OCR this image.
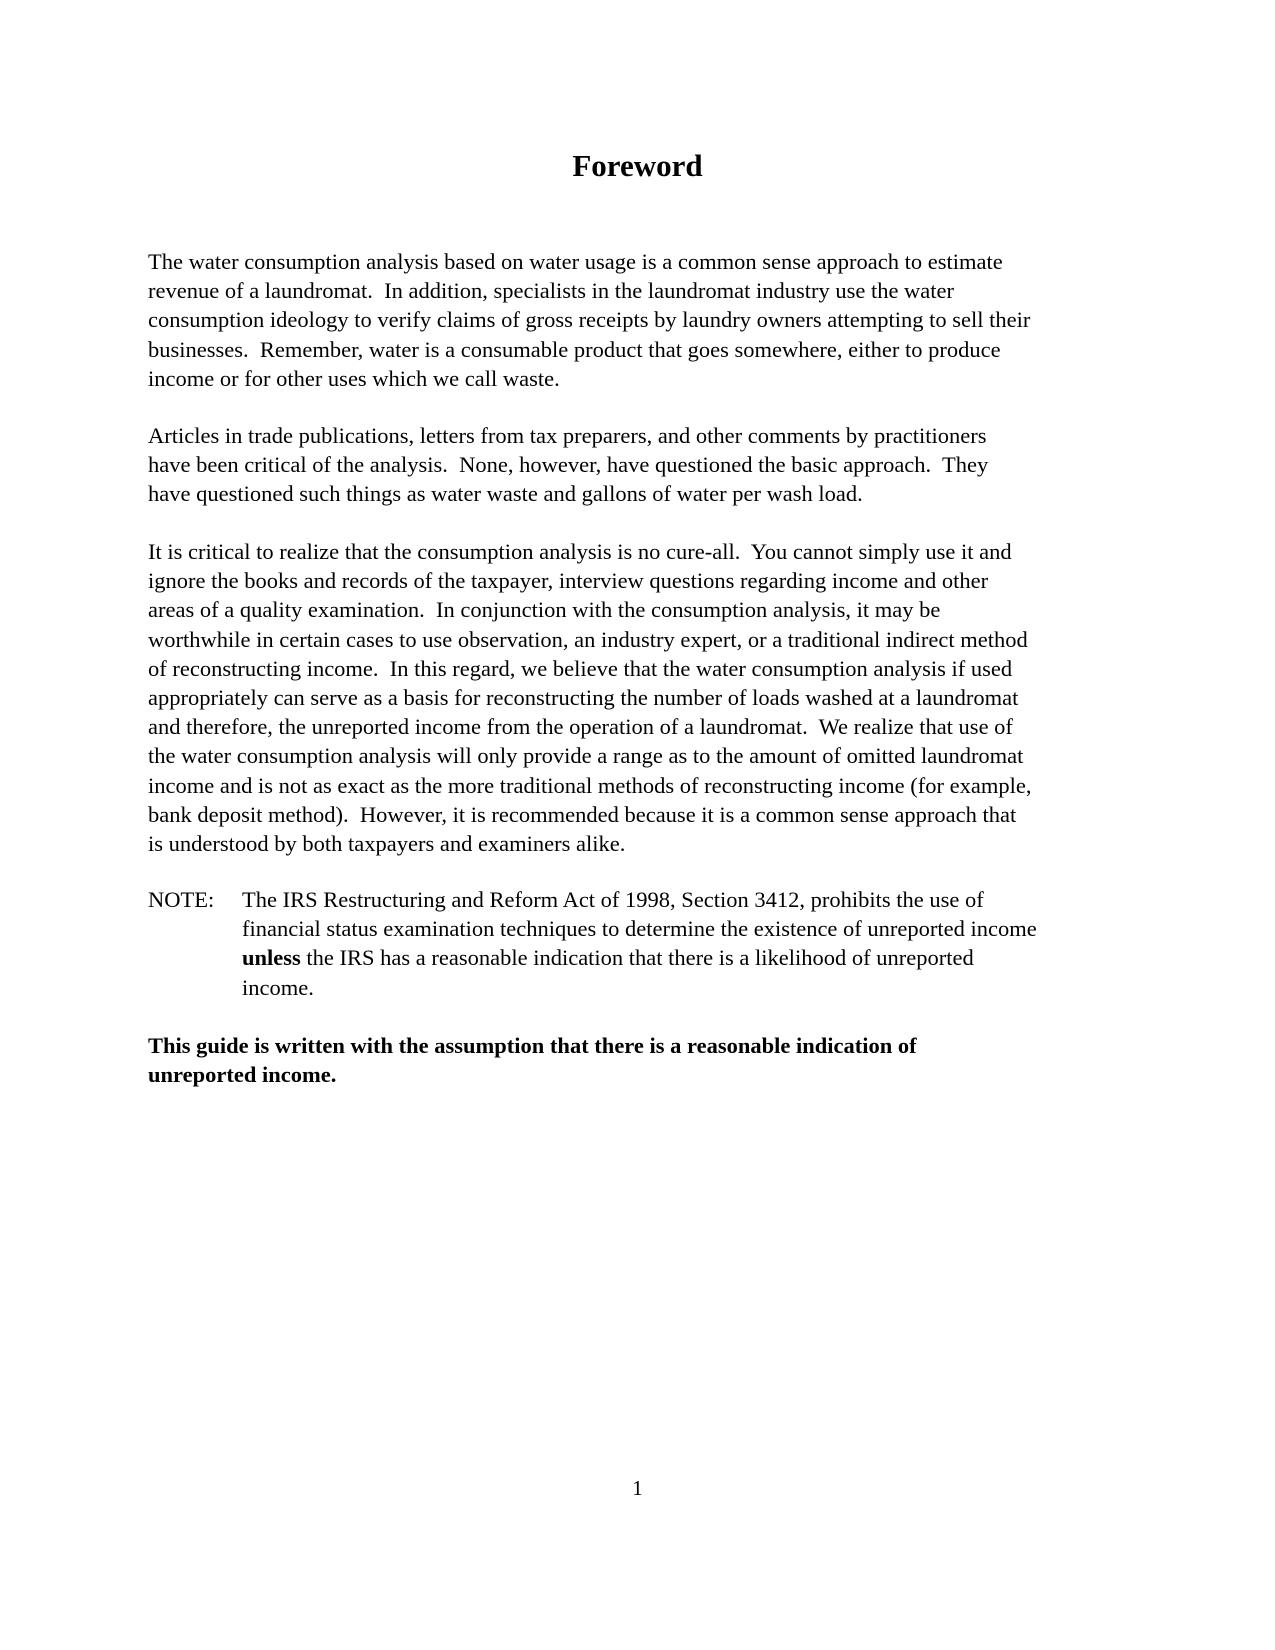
Foreword
The water consumption analysis based on water usage is a common sense approach to estimate
revenue of a laundromat.  In addition, specialists in the laundromat industry use the water
consumption ideology to verify claims of gross receipts by laundry owners attempting to sell their
businesses.  Remember, water is a consumable product that goes somewhere, either to produce
income or for other uses which we call waste.
Articles in trade publications, letters from tax preparers, and other comments by practitioners
have been critical of the analysis.  None, however, have questioned the basic approach.  They
have questioned such things as water waste and gallons of water per wash load.
It is critical to realize that the consumption analysis is no cure-all.  You cannot simply use it and
ignore the books and records of the taxpayer, interview questions regarding income and other
areas of a quality examination.  In conjunction with the consumption analysis, it may be
worthwhile in certain cases to use observation, an industry expert, or a traditional indirect method
of reconstructing income.  In this regard, we believe that the water consumption analysis if used
appropriately can serve as a basis for reconstructing the number of loads washed at a laundromat
and therefore, the unreported income from the operation of a laundromat.  We realize that use of
the water consumption analysis will only provide a range as to the amount of omitted laundromat
income and is not as exact as the more traditional methods of reconstructing income (for example,
bank deposit method).  However, it is recommended because it is a common sense approach that
is understood by both taxpayers and examiners alike.
NOTE: The IRS Restructuring and Reform Act of 1998, Section 3412, prohibits the use of
financial status examination techniques to determine the existence of unreported income
unless the IRS has a reasonable indication that there is a likelihood of unreported
income.
This guide is written with the assumption that there is a reasonable indication of
unreported income.
1
